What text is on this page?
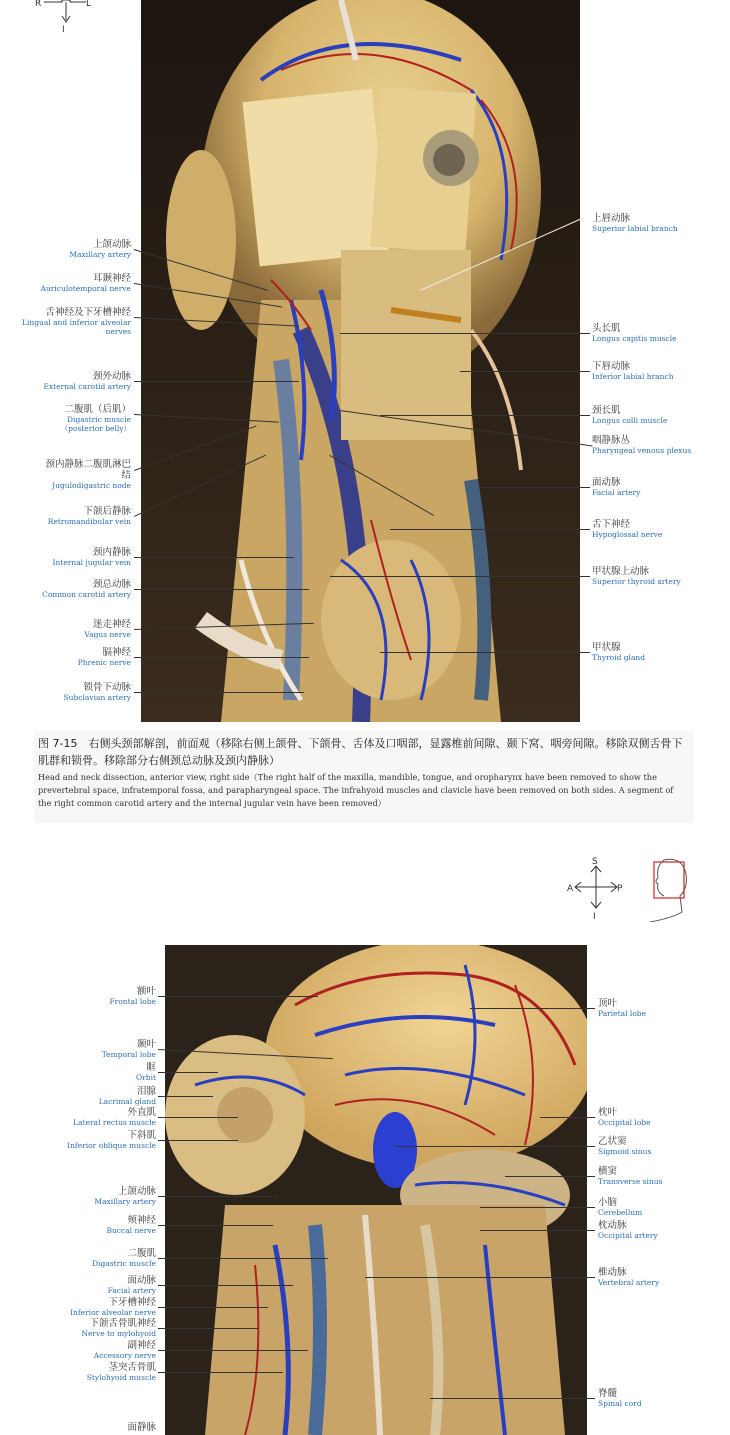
R	L
I
上颌动脉
Maxillary artery
耳颞神经
Auriculotemporal nerve
舌神经及下牙槽神经
Lingual and inferior alveolar nerves
颈外动脉
External carotid artery
二腹肌（后肌）
Digastric muscle（posterior belly）
颈内静脉二腹肌淋巴结
Jugulodigastric node
下颌后静脉
Retromandibular vein
颈内静脉
Internal jugular vein
颈总动脉
Common carotid artery
迷走神经
Vagus nerve
膈神经
Phrenic nerve
锁骨下动脉
Subclavian artery
上唇动脉
Superior labial branch
头长肌
Longus capitis muscle
下唇动脉
Inferior labial branch
颈长肌
Longus colli muscle
咽静脉丛
Pharyngeal venous plexus
面动脉
Facial artery
舌下神经
Hypoglossal nerve
甲状腺上动脉
Superior thyroid artery
甲状腺
Thyroid gland
图 7-15　右侧头颈部解剖，前面观（移除右侧上颌骨、下颌骨、舌体及口咽部，显露椎前间隙、颞下窝、咽旁间隙。移除双侧舌骨下肌群和锁骨。移除部分右侧颈总动脉及颈内静脉）
Head and neck dissection, anterior view, right side（The right half of the maxilla, mandible, tongue, and oropharynx have been removed to show the prevertebral space, infratemporal fossa, and parapharyngeal space. The infrahyoid muscles and clavicle have been removed on both sides. A segment of the right common carotid artery and the internal jugular vein have been removed）
S
A	P
I
额叶
Frontal lobe
颞叶
Temporal lobe
眶
Orbit
泪腺
Lacrimal gland
外直肌
Lateral rectus muscle
下斜肌
Inferior oblique muscle
上颌动脉
Maxillary artery
颊神经
Buccal nerve
二腹肌
Digastric muscle
面动脉
Facial artery
下牙槽神经
Inferior alveolar nerve
下颌舌骨肌神经
Nerve to mylohyoid
副神经
Accessory nerve
茎突舌骨肌
Stylohyoid muscle
面静脉
顶叶
Parietal lobe
枕叶
Occipital lobe
乙状窦
Sigmoid sinus
横窦
Transverse sinus
小脑
Cerebellum
枕动脉
Occipital artery
椎动脉
Vertebral artery
脊髓
Spinal cord
